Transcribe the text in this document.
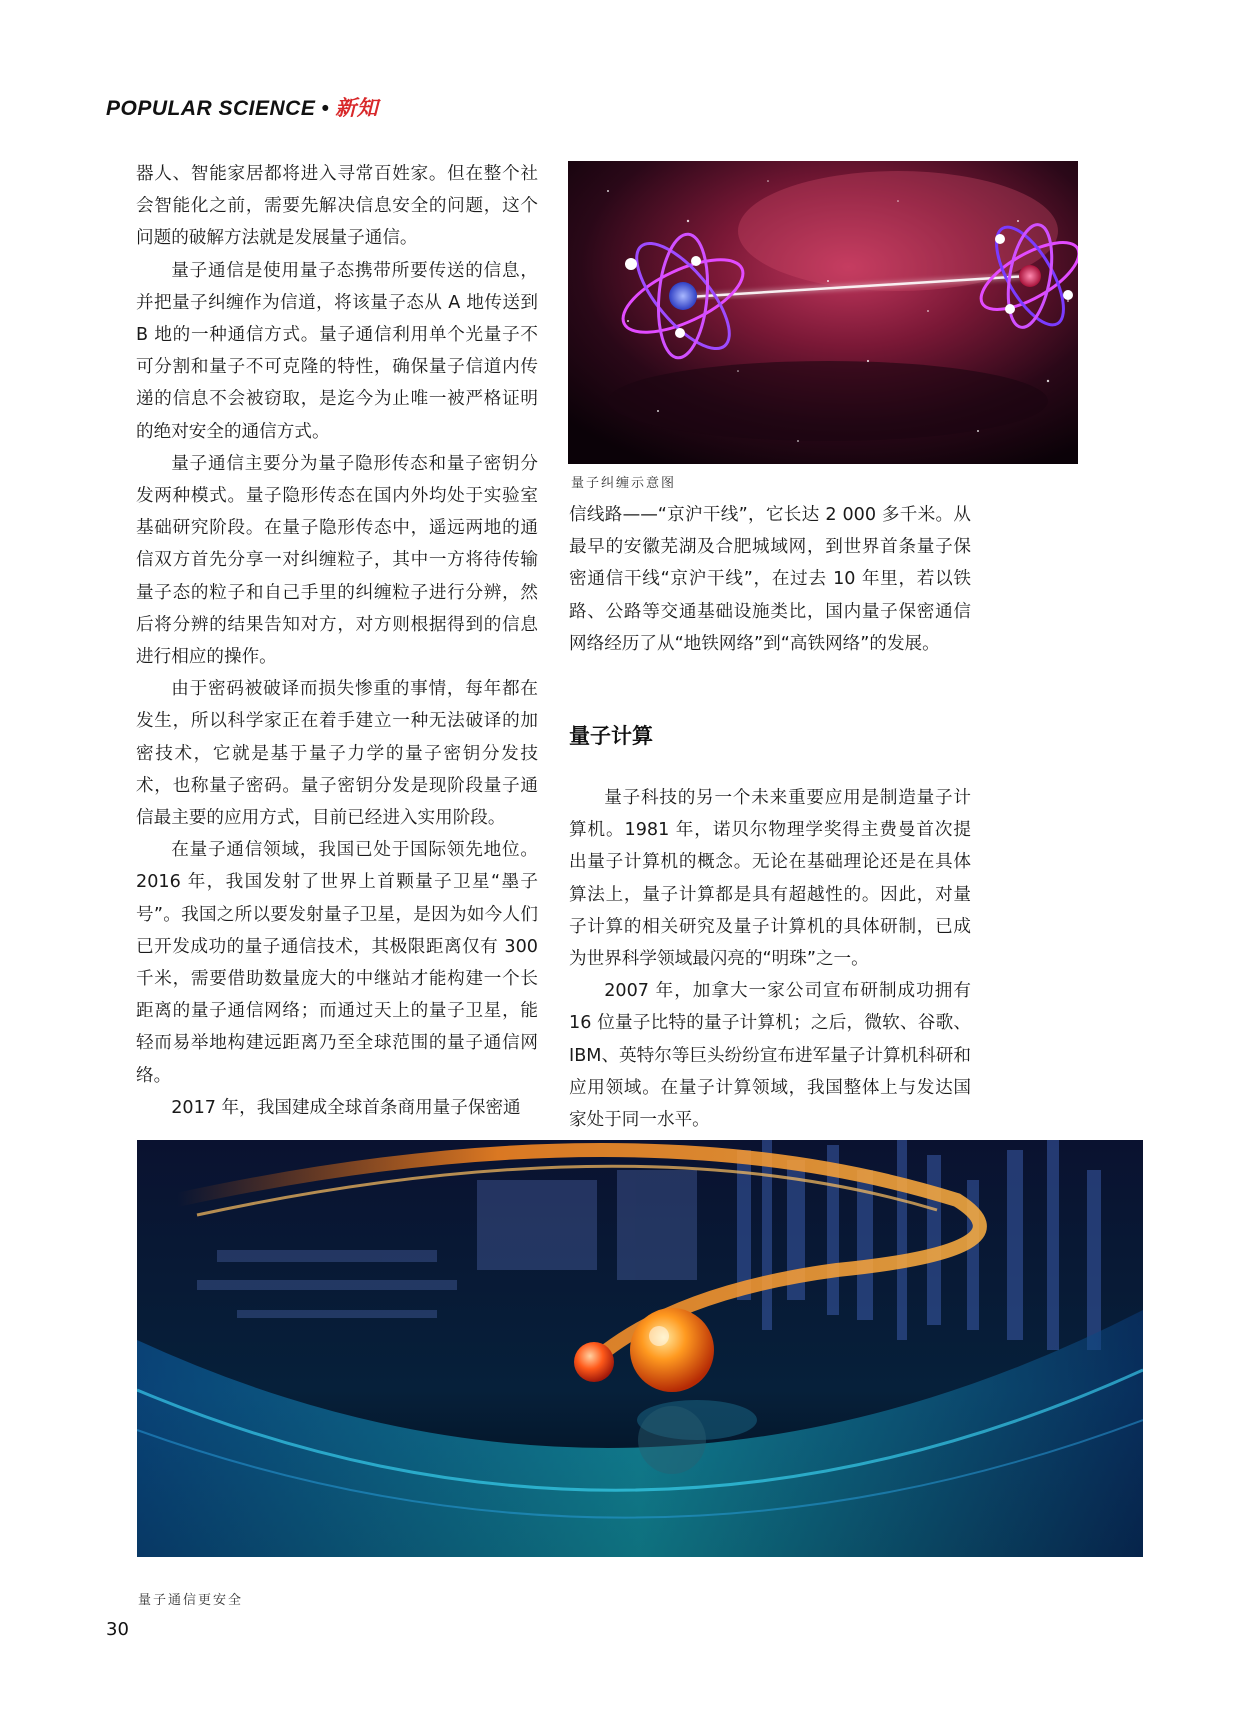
POPULAR SCIENCE • 新知

器人、智能家居都将进入寻常百姓家。但在整个社会智能化之前，需要先解决信息安全的问题，这个问题的破解方法就是发展量子通信。

量子通信是使用量子态携带所要传送的信息，并把量子纠缠作为信道，将该量子态从 A 地传送到 B 地的一种通信方式。量子通信利用单个光量子不可分割和量子不可克隆的特性，确保量子信道内传递的信息不会被窃取，是迄今为止唯一被严格证明的绝对安全的通信方式。

量子通信主要分为量子隐形传态和量子密钥分发两种模式。量子隐形传态在国内外均处于实验室基础研究阶段。在量子隐形传态中，遥远两地的通信双方首先分享一对纠缠粒子，其中一方将待传输量子态的粒子和自己手里的纠缠粒子进行分辨，然后将分辨的结果告知对方，对方则根据得到的信息进行相应的操作。

由于密码被破译而损失惨重的事情，每年都在发生，所以科学家正在着手建立一种无法破译的加密技术，它就是基于量子力学的量子密钥分发技术，也称量子密码。量子密钥分发是现阶段量子通信最主要的应用方式，目前已经进入实用阶段。

在量子通信领域，我国已处于国际领先地位。2016 年，我国发射了世界上首颗量子卫星“墨子号”。我国之所以要发射量子卫星，是因为如今人们已开发成功的量子通信技术，其极限距离仅有 300 千米，需要借助数量庞大的中继站才能构建一个长距离的量子通信网络；而通过天上的量子卫星，能轻而易举地构建远距离乃至全球范围的量子通信网络。

2017 年，我国建成全球首条商用量子保密通

量子纠缠示意图

信线路——“京沪干线”，它长达 2 000 多千米。从最早的安徽芜湖及合肥城域网，到世界首条量子保密通信干线“京沪干线”，在过去 10 年里，若以铁路、公路等交通基础设施类比，国内量子保密通信网络经历了从“地铁网络”到“高铁网络”的发展。

量子计算

量子科技的另一个未来重要应用是制造量子计算机。1981 年，诺贝尔物理学奖得主费曼首次提出量子计算机的概念。无论在基础理论还是在具体算法上，量子计算都是具有超越性的。因此，对量子计算的相关研究及量子计算机的具体研制，已成为世界科学领域最闪亮的“明珠”之一。

2007 年，加拿大一家公司宣布研制成功拥有 16 位量子比特的量子计算机；之后，微软、谷歌、IBM、英特尔等巨头纷纷宣布进军量子计算机科研和应用领域。在量子计算领域，我国整体上与发达国家处于同一水平。

量子通信更安全
30
